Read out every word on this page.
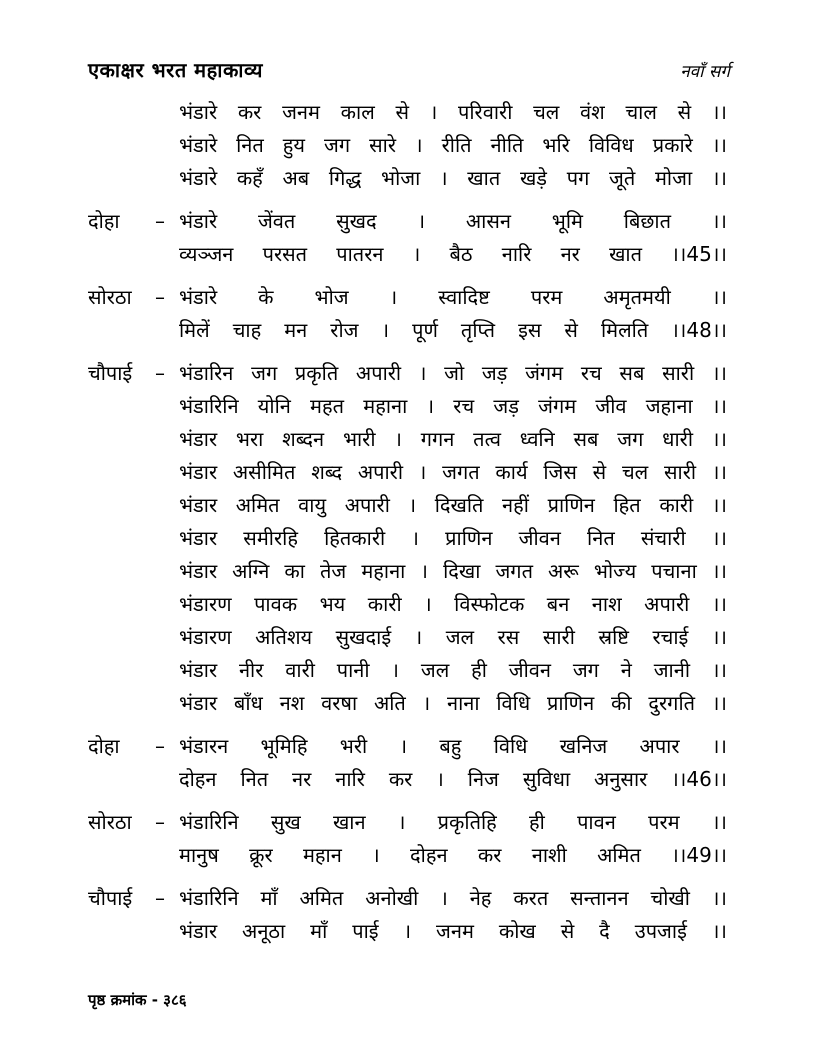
एकाक्षर भरत महाकाव्य	नवाँ सर्ग
भंडारे कर जनम काल से । परिवारी चल वंश चाल से ।।
भंडारे नित हुय जग सारे । रीति नीति भरि विविध प्रकारे ।।
भंडारे कहँ अब गिद्ध भोजा । खात खड़े पग जूते मोजा ।।
दोहा	– भंडारे जेंवत सुखद । आसन भूमि बिछात ।।
व्यञ्जन परसत पातरन । बैठ नारि नर खात ।।45।।
सोरठा	– भंडारे के भोज । स्वादिष्ट परम अमृतमयी ।।
मिलें चाह मन रोज । पूर्ण तृप्ति इस से मिलति ।।48।।
चौपाई	– भंडारिन जग प्रकृति अपारी । जो जड़ जंगम रच सब सारी ।।
भंडारिनि योनि महत महाना । रच जड़ जंगम जीव जहाना ।।
भंडार भरा शब्दन भारी । गगन तत्व ध्वनि सब जग धारी ।।
भंडार असीमित शब्द अपारी । जगत कार्य जिस से चल सारी ।।
भंडार अमित वायु अपारी । दिखति नहीं प्राणिन हित कारी ।।
भंडार समीरहि हितकारी । प्राणिन जीवन नित संचारी ।।
भंडार अग्नि का तेज महाना । दिखा जगत अरू भोज्य पचाना ।।
भंडारण पावक भय कारी । विस्फोटक बन नाश अपारी ।।
भंडारण अतिशय सुखदाई । जल रस सारी स्रष्टि रचाई ।।
भंडार नीर वारी पानी । जल ही जीवन जग ने जानी ।।
भंडार बाँध नश वरषा अति । नाना विधि प्राणिन की दुरगति ।।
दोहा	– भंडारन भूमिहि भरी । बहु विधि खनिज अपार ।।
दोहन नित नर नारि कर । निज सुविधा अनुसार ।।46।।
सोरठा	– भंडारिनि सुख खान । प्रकृतिहि ही पावन परम ।।
मानुष क्रूर महान । दोहन कर नाशी अमित ।।49।।
चौपाई	– भंडारिनि माँ अमित अनोखी । नेह करत सन्तानन चोखी ।।
भंडार अनूठा माँ पाई । जनम कोख से दै उपजाई ।।
पृष्ठ क्रमांक - ३८६
